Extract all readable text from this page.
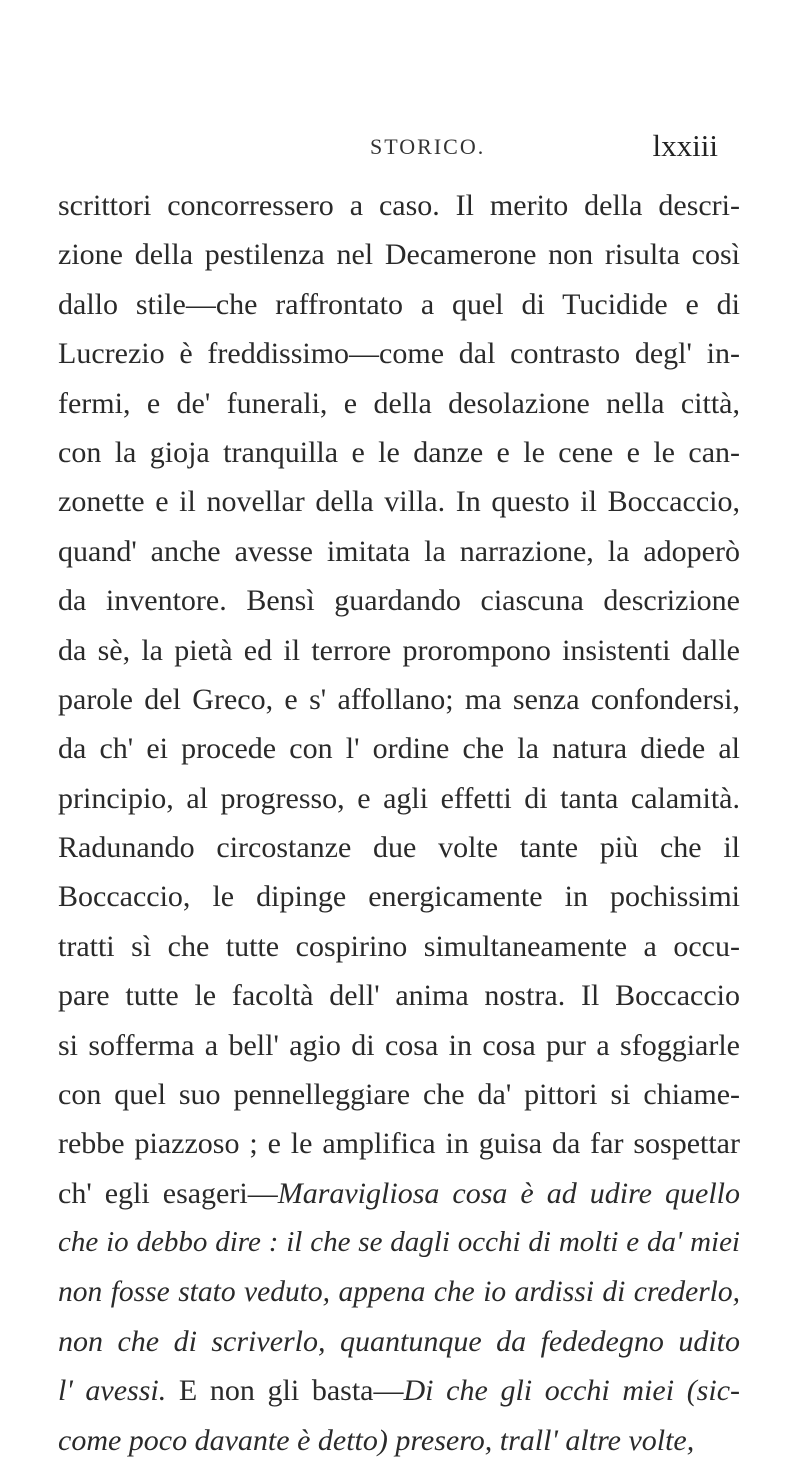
STORICO.	lxxiii
scrittori concorressero a caso. Il merito della descri-
zione della pestilenza nel Decamerone non risulta così
dallo stile—che raffrontato a quel di Tucidide e di
Lucrezio è freddissimo—come dal contrasto degl' in-
fermi, e de' funerali, e della desolazione nella città,
con la gioja tranquilla e le danze e le cene e le can-
zonette e il novellar della villa. In questo il Boccaccio,
quand' anche avesse imitata la narrazione, la adoperò
da inventore. Bensì guardando ciascuna descrizione
da sè, la pietà ed il terrore prorompono insistenti dalle
parole del Greco, e s' affollano; ma senza confondersi,
da ch' ei procede con l' ordine che la natura diede al
principio, al progresso, e agli effetti di tanta calamità.
Radunando circostanze due volte tante più che il
Boccaccio, le dipinge energicamente in pochissimi
tratti sì che tutte cospirino simultaneamente a occu-
pare tutte le facoltà dell' anima nostra. Il Boccaccio
si sofferma a bell' agio di cosa in cosa pur a sfoggiarle
con quel suo pennelleggiare che da' pittori si chiame-
rebbe piazzoso ; e le amplifica in guisa da far sospettar
ch' egli esageri—Maravigliosa cosa è ad udire quello
che io debbo dire : il che se dagli occhi di molti e da' miei
non fosse stato veduto, appena che io ardissi di crederlo,
non che di scriverlo, quantunque da fededegno udito
l' avessi. E non gli basta—Di che gli occhi miei (sic-
come poco davante è detto) presero, trall' altre volte,
